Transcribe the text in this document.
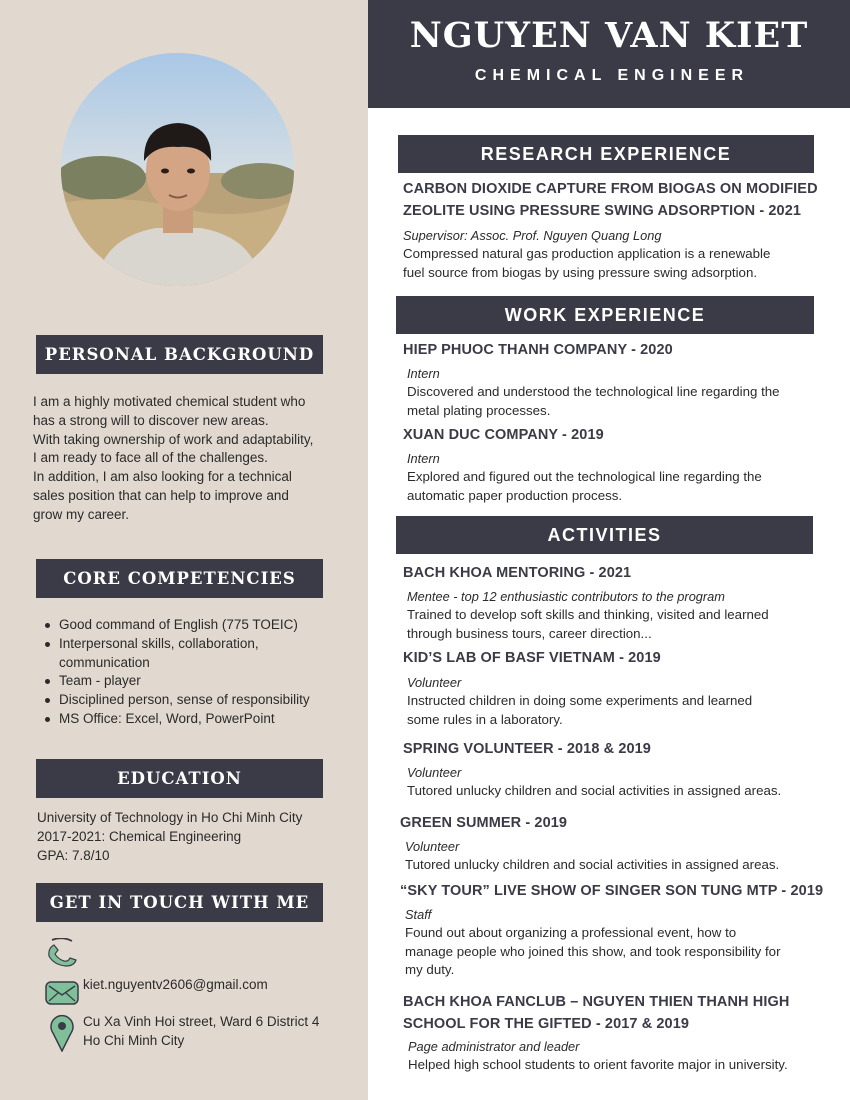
NGUYEN VAN KIET
CHEMICAL ENGINEER
PERSONAL BACKGROUND
I am a highly motivated chemical student who
has a strong will to discover new areas.
With taking ownership of work and adaptability,
I am ready to face all of the challenges.
In addition, I am also looking for a technical
sales position that can help to improve and
grow my career.
CORE COMPETENCIES
Good command of English (775 TOEIC)
Interpersonal skills, collaboration, communication
Team - player
Disciplined person, sense of responsibility
MS Office: Excel, Word, PowerPoint
EDUCATION
University of Technology in Ho Chi Minh City
2017-2021: Chemical Engineering
GPA: 7.8/10
GET IN TOUCH WITH ME
kiet.nguyentv2606@gmail.com
Cu Xa Vinh Hoi street, Ward 6 District 4
Ho Chi Minh City
RESEARCH EXPERIENCE
CARBON DIOXIDE CAPTURE FROM BIOGAS ON MODIFIED
ZEOLITE USING PRESSURE SWING ADSORPTION - 2021
Supervisor: Assoc. Prof. Nguyen Quang Long
Compressed natural gas production application is a renewable
fuel source from biogas by using pressure swing adsorption.
WORK EXPERIENCE
HIEP PHUOC THANH COMPANY - 2020
Intern
Discovered and understood the technological line regarding the
metal plating processes.
XUAN DUC COMPANY - 2019
Intern
Explored and figured out the technological line regarding the
automatic paper production process.
ACTIVITIES
BACH KHOA MENTORING - 2021
Mentee - top 12 enthusiastic contributors to the program
Trained to develop soft skills and thinking, visited and learned
through business tours, career direction...
KID’S LAB OF BASF VIETNAM - 2019
Volunteer
Instructed children in doing some experiments and learned
some rules in a laboratory.
SPRING VOLUNTEER - 2018 & 2019
Volunteer
Tutored unlucky children and social activities in assigned areas.
GREEN SUMMER - 2019
Volunteer
Tutored unlucky children and social activities in assigned areas.
“SKY TOUR” LIVE SHOW OF SINGER SON TUNG MTP - 2019
Staff
Found out about organizing a professional event, how to
manage people who joined this show, and took responsibility for
my duty.
BACH KHOA FANCLUB – NGUYEN THIEN THANH HIGH
SCHOOL FOR THE GIFTED - 2017 & 2019
Page administrator and leader
Helped high school students to orient favorite major in university.
